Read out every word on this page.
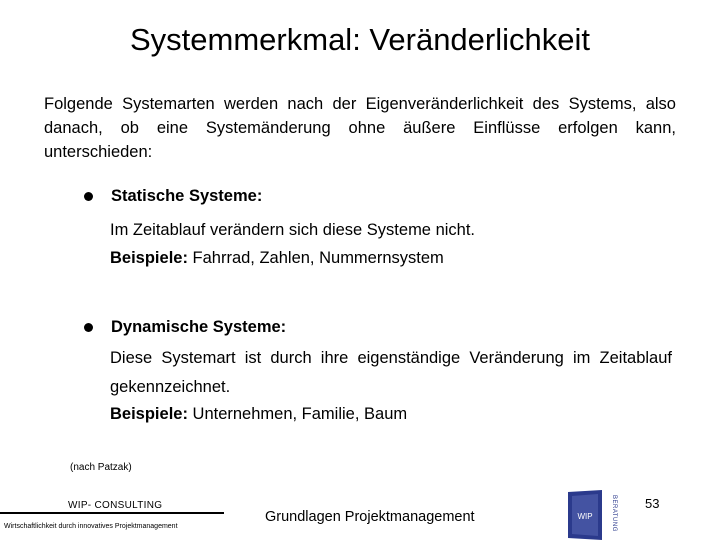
Systemmerkmal: Veränderlichkeit
Folgende Systemarten werden nach der Eigenveränderlichkeit des Systems, also danach, ob eine Systemänderung ohne äußere Einflüsse erfolgen kann, unterschieden:
Statische Systeme:
Im Zeitablauf verändern sich diese Systeme nicht.
Beispiele: Fahrrad, Zahlen, Nummernsystem
Dynamische Systeme:
Diese Systemart ist durch ihre eigenständige Veränderung im Zeitablauf gekennzeichnet.
Beispiele: Unternehmen, Familie, Baum
(nach Patzak)
WIP- CONSULTING
Wirtschaftlichkeit durch innovatives Projektmanagement
Grundlagen Projektmanagement
53
WIP	BERATUNG
